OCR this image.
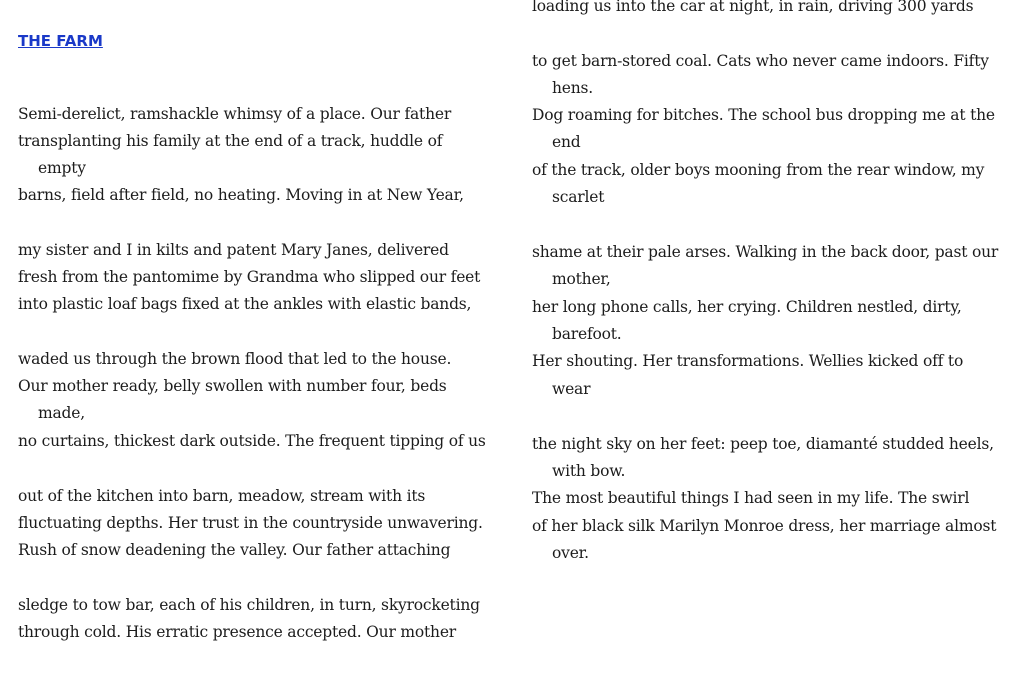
THE FARM
Semi-derelict, ramshackle whimsy of a place. Our father
transplanting his family at the end of a track, huddle of
empty
barns, field after field, no heating. Moving in at New Year,
my sister and I in kilts and patent Mary Janes, delivered
fresh from the pantomime by Grandma who slipped our feet
into plastic loaf bags fixed at the ankles with elastic bands,
waded us through the brown flood that led to the house.
Our mother ready, belly swollen with number four, beds
made,
no curtains, thickest dark outside. The frequent tipping of us
out of the kitchen into barn, meadow, stream with its
fluctuating depths. Her trust in the countryside unwavering.
Rush of snow deadening the valley. Our father attaching
sledge to tow bar, each of his children, in turn, skyrocketing
through cold. His erratic presence accepted. Our mother
loading us into the car at night, in rain, driving 300 yards
to get barn-stored coal. Cats who never came indoors. Fifty
hens.
Dog roaming for bitches. The school bus dropping me at the
end
of the track, older boys mooning from the rear window, my
scarlet
shame at their pale arses. Walking in the back door, past our
mother,
her long phone calls, her crying. Children nestled, dirty,
barefoot.
Her shouting. Her transformations. Wellies kicked off to
wear
the night sky on her feet: peep toe, diamanté studded heels,
with bow.
The most beautiful things I had seen in my life. The swirl
of her black silk Marilyn Monroe dress, her marriage almost
over.
